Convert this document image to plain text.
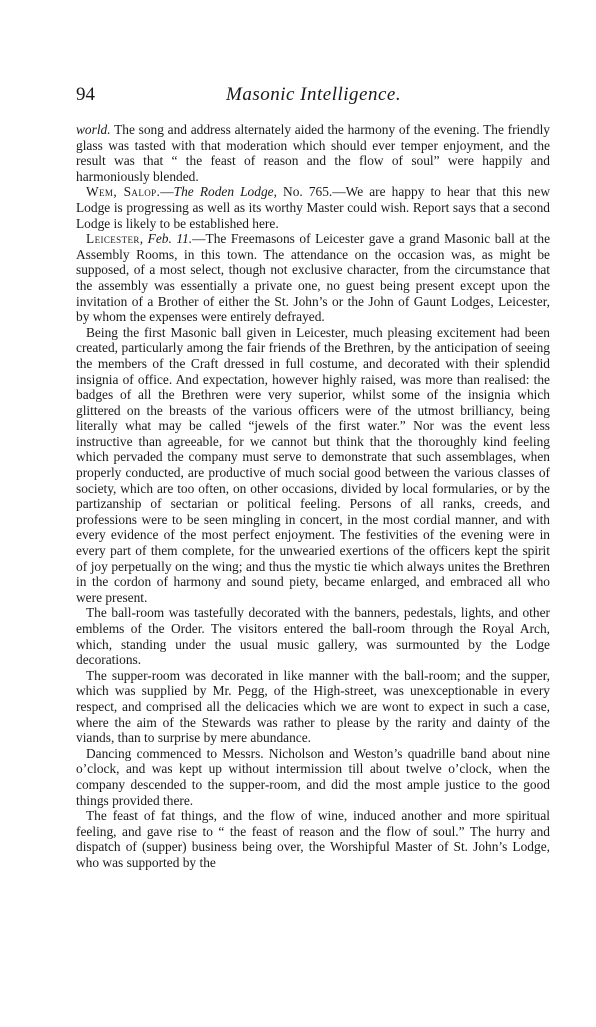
94	Masonic Intelligence.

world. The song and address alternately aided the harmony of the evening. The friendly glass was tasted with that moderation which should ever temper enjoyment, and the result was that “ the feast of reason and the flow of soul” were happily and harmoniously blended.

Wem, Salop.—The Roden Lodge, No. 765.—We are happy to hear that this new Lodge is progressing as well as its worthy Master could wish. Report says that a second Lodge is likely to be established here.

Leicester, Feb. 11.—The Freemasons of Leicester gave a grand Masonic ball at the Assembly Rooms, in this town. The attendance on the occasion was, as might be supposed, of a most select, though not exclusive character, from the circumstance that the assembly was essentially a private one, no guest being present except upon the invitation of a Brother of either the St. John’s or the John of Gaunt Lodges, Leicester, by whom the expenses were entirely defrayed.

Being the first Masonic ball given in Leicester, much pleasing excitement had been created, particularly among the fair friends of the Brethren, by the anticipation of seeing the members of the Craft dressed in full costume, and decorated with their splendid insignia of office. And expectation, however highly raised, was more than realised: the badges of all the Brethren were very superior, whilst some of the insignia which glittered on the breasts of the various officers were of the utmost brilliancy, being literally what may be called “jewels of the first water.” Nor was the event less instructive than agreeable, for we cannot but think that the thoroughly kind feeling which pervaded the company must serve to demonstrate that such assemblages, when properly conducted, are productive of much social good between the various classes of society, which are too often, on other occasions, divided by local formularies, or by the partizanship of sectarian or political feeling. Persons of all ranks, creeds, and professions were to be seen mingling in concert, in the most cordial manner, and with every evidence of the most perfect enjoyment. The festivities of the evening were in every part of them complete, for the unwearied exertions of the officers kept the spirit of joy perpetually on the wing; and thus the mystic tie which always unites the Brethren in the cordon of harmony and sound piety, became enlarged, and embraced all who were present.

The ball-room was tastefully decorated with the banners, pedestals, lights, and other emblems of the Order. The visitors entered the ball-room through the Royal Arch, which, standing under the usual music gallery, was surmounted by the Lodge decorations.

The supper-room was decorated in like manner with the ball-room; and the supper, which was supplied by Mr. Pegg, of the High-street, was unexceptionable in every respect, and comprised all the delicacies which we are wont to expect in such a case, where the aim of the Stewards was rather to please by the rarity and dainty of the viands, than to surprise by mere abundance.

Dancing commenced to Messrs. Nicholson and Weston’s quadrille band about nine o’clock, and was kept up without intermission till about twelve o’clock, when the company descended to the supper-room, and did the most ample justice to the good things provided there.

The feast of fat things, and the flow of wine, induced another and more spiritual feeling, and gave rise to “ the feast of reason and the flow of soul.” The hurry and dispatch of (supper) business being over, the Worshipful Master of St. John’s Lodge, who was supported by the
